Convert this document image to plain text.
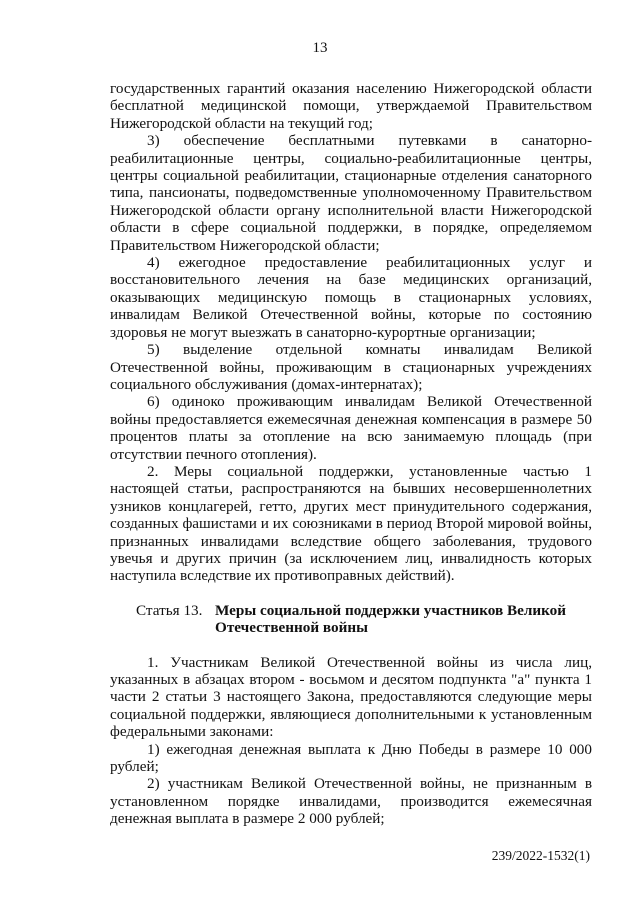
13

государственных гарантий оказания населению Нижегородской области бесплатной медицинской помощи, утверждаемой Правительством Нижегородской области на текущий год;

3) обеспечение бесплатными путевками в санаторно-реабилитационные центры, социально-реабилитационные центры, центры социальной реабилитации, стационарные отделения санаторного типа, пансионаты, подведомственные уполномоченному Правительством Нижегородской области органу исполнительной власти Нижегородской области в сфере социальной поддержки, в порядке, определяемом Правительством Нижегородской области;

4) ежегодное предоставление реабилитационных услуг и восстановительного лечения на базе медицинских организаций, оказывающих медицинскую помощь в стационарных условиях, инвалидам Великой Отечественной войны, которые по состоянию здоровья не могут выезжать в санаторно-курортные организации;

5) выделение отдельной комнаты инвалидам Великой Отечественной войны, проживающим в стационарных учреждениях социального обслуживания (домах-интернатах);

6) одиноко проживающим инвалидам Великой Отечественной войны предоставляется ежемесячная денежная компенсация в размере 50 процентов платы за отопление на всю занимаемую площадь (при отсутствии печного отопления).

2. Меры социальной поддержки, установленные частью 1 настоящей статьи, распространяются на бывших несовершеннолетних узников концлагерей, гетто, других мест принудительного содержания, созданных фашистами и их союзниками в период Второй мировой войны, признанных инвалидами вследствие общего заболевания, трудового увечья и других причин (за исключением лиц, инвалидность которых наступила вследствие их противоправных действий).

Статья 13. Меры социальной поддержки участников Великой
Отечественной войны

1. Участникам Великой Отечественной войны из числа лиц, указанных в абзацах втором - восьмом и десятом подпункта "а" пункта 1 части 2 статьи 3 настоящего Закона, предоставляются следующие меры социальной поддержки, являющиеся дополнительными к установленным федеральными законами:

1) ежегодная денежная выплата к Дню Победы в размере 10 000 рублей;

2) участникам Великой Отечественной войны, не признанным в установленном порядке инвалидами, производится ежемесячная денежная выплата в размере 2 000 рублей;

239/2022-1532(1)
